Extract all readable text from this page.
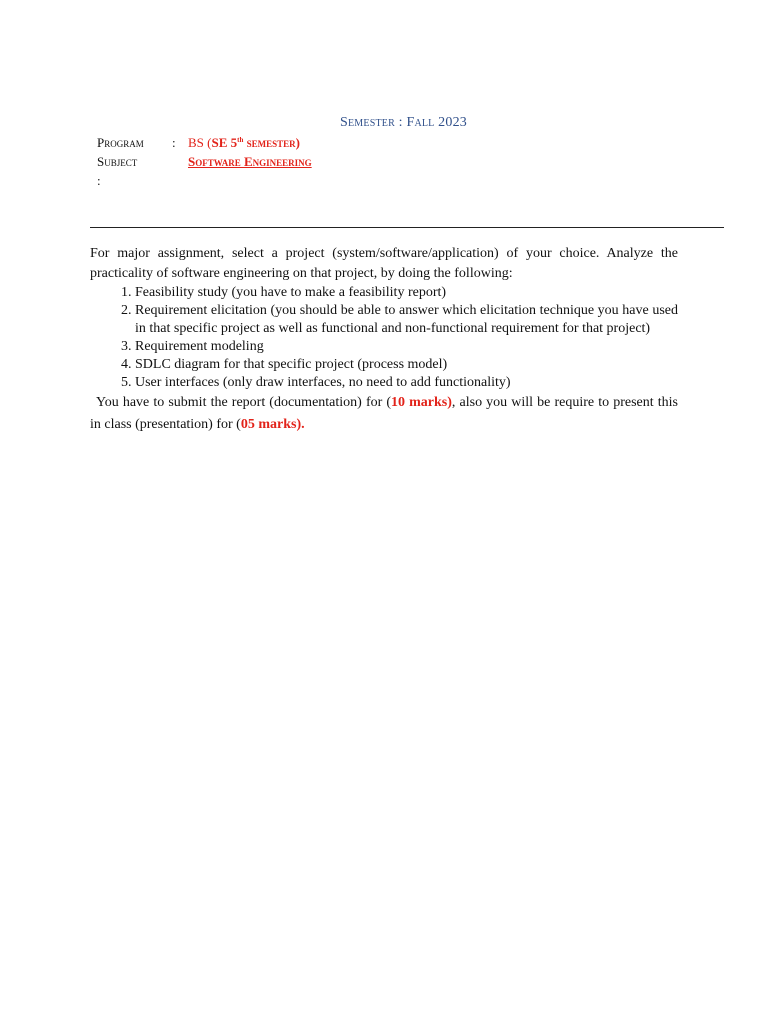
Semester : Fall 2023
Program : BS (SE 5th semester)
Subject	Software Engineering
:

For major assignment, select a project (system/software/application) of your choice. Analyze the practicality of software engineering on that project, by doing the following:

1. Feasibility study (you have to make a feasibility report)
2. Requirement elicitation (you should be able to answer which elicitation technique you have used in that specific project as well as functional and non-functional requirement for that project)
3. Requirement modeling
4. SDLC diagram for that specific project (process model)
5. User interfaces (only draw interfaces, no need to add functionality)

You have to submit the report (documentation) for (10 marks), also you will be require to present this in class (presentation) for (05 marks).
